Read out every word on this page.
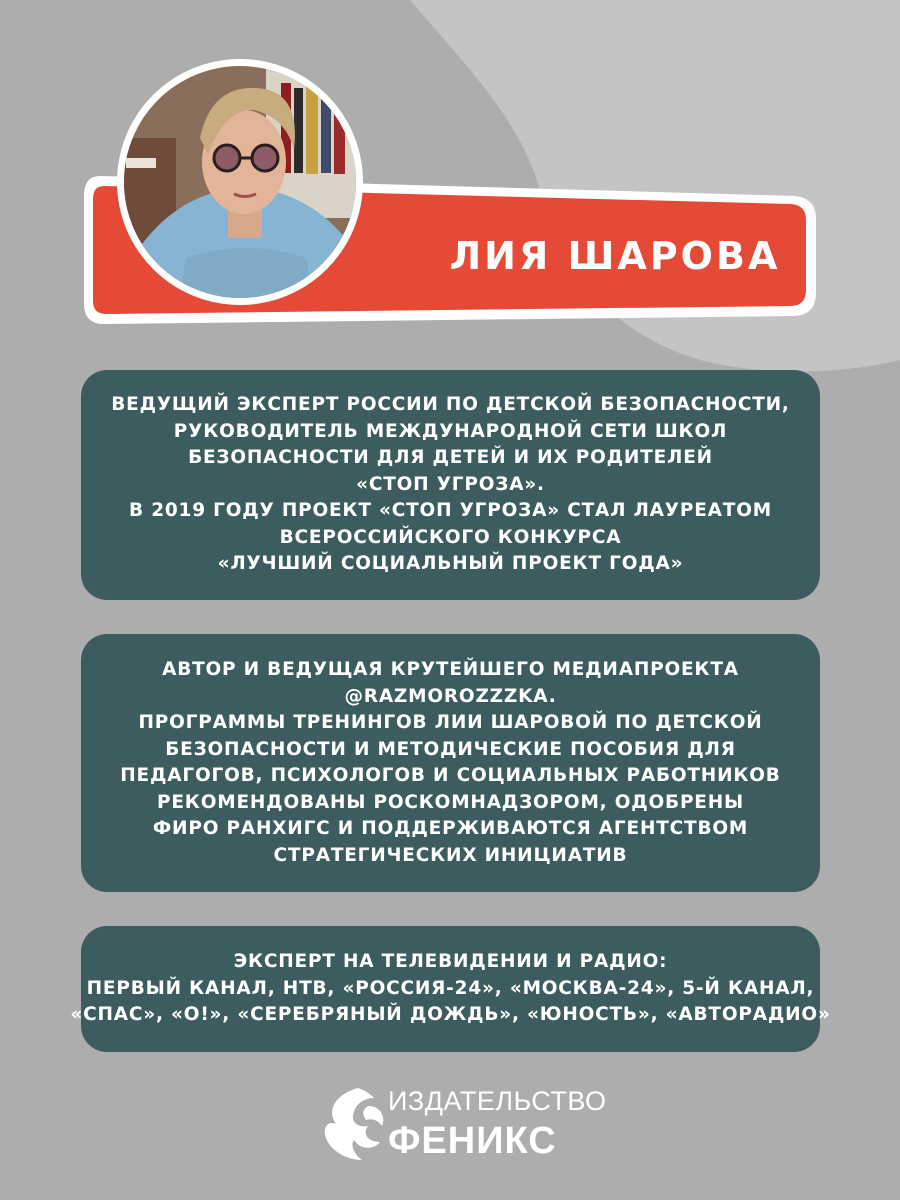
ЛИЯ ШАРОВА
ВЕДУЩИЙ ЭКСПЕРТ РОССИИ ПО ДЕТСКОЙ БЕЗОПАСНОСТИ,
РУКОВОДИТЕЛЬ МЕЖДУНАРОДНОЙ СЕТИ ШКОЛ
БЕЗОПАСНОСТИ ДЛЯ ДЕТЕЙ И ИХ РОДИТЕЛЕЙ
«СТОП УГРОЗА».
В 2019 ГОДУ ПРОЕКТ «СТОП УГРОЗА» СТАЛ ЛАУРЕАТОМ
ВСЕРОССИЙСКОГО КОНКУРСА
«ЛУЧШИЙ СОЦИАЛЬНЫЙ ПРОЕКТ ГОДА»
АВТОР И ВЕДУЩАЯ КРУТЕЙШЕГО МЕДИАПРОЕКТА
@RAZMOROZZZKA.
ПРОГРАММЫ ТРЕНИНГОВ ЛИИ ШАРОВОЙ ПО ДЕТСКОЙ
БЕЗОПАСНОСТИ И МЕТОДИЧЕСКИЕ ПОСОБИЯ ДЛЯ
ПЕДАГОГОВ, ПСИХОЛОГОВ И СОЦИАЛЬНЫХ РАБОТНИКОВ
РЕКОМЕНДОВАНЫ РОСКОМНАДЗОРОМ, ОДОБРЕНЫ
ФИРО РАНХИГС И ПОДДЕРЖИВАЮТСЯ АГЕНТСТВОМ
СТРАТЕГИЧЕСКИХ ИНИЦИАТИВ
ЭКСПЕРТ НА ТЕЛЕВИДЕНИИ И РАДИО:
ПЕРВЫЙ КАНАЛ, НТВ, «РОССИЯ-24», «МОСКВА-24», 5-Й КАНАЛ,
«СПАС», «О!», «СЕРЕБРЯНЫЙ ДОЖДЬ», «ЮНОСТЬ», «АВТОРАДИО»
ИЗДАТЕЛЬСТВО
ФЕНИКС
